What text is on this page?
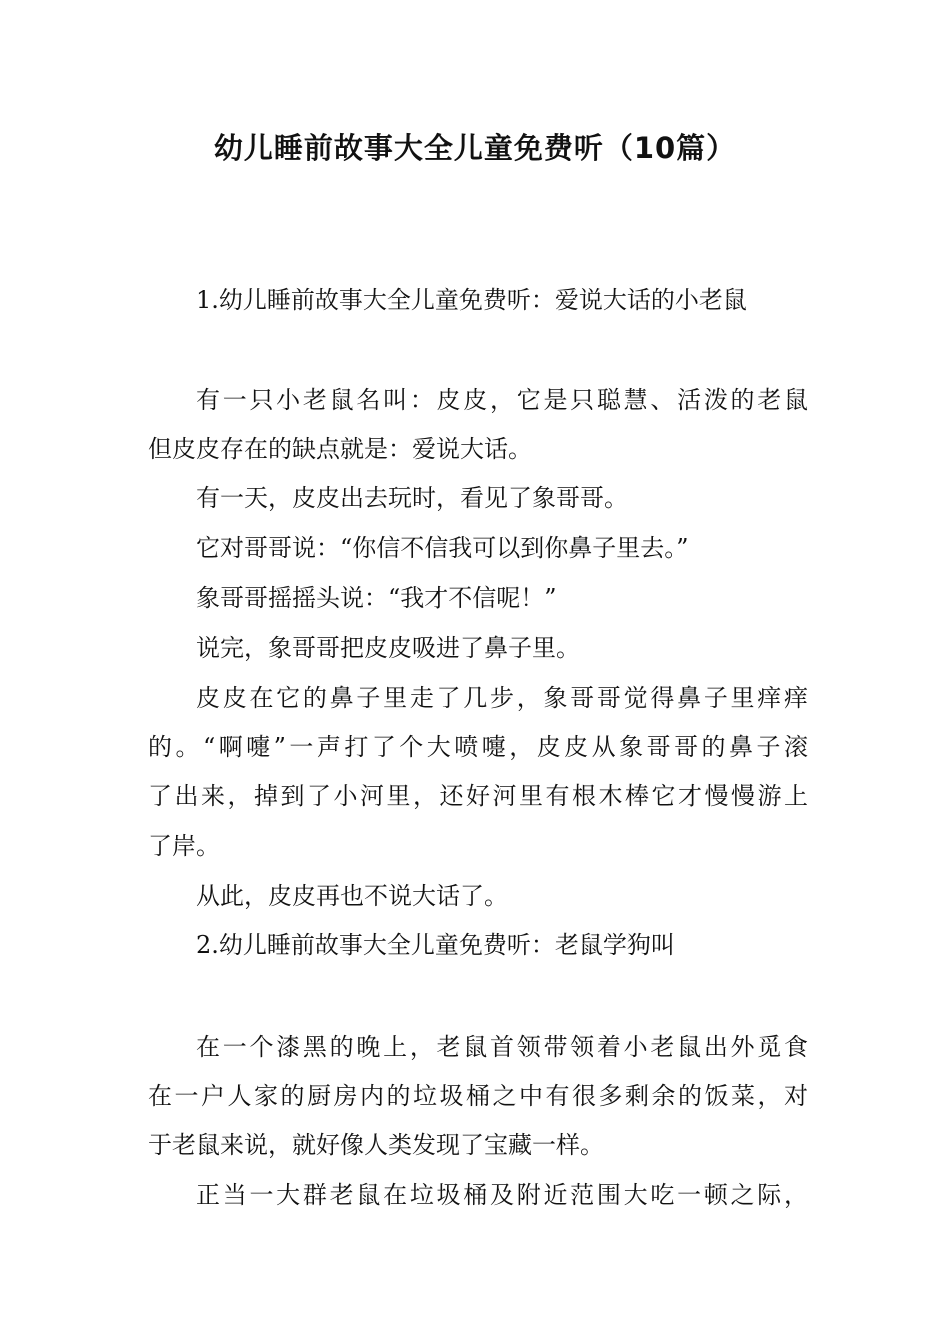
幼儿睡前故事大全儿童免费听（10篇）
1.幼儿睡前故事大全儿童免费听：爱说大话的小老鼠
有一只小老鼠名叫：皮皮，它是只聪慧、活泼的老鼠
但皮皮存在的缺点就是：爱说大话。
有一天，皮皮出去玩时，看见了象哥哥。
它对哥哥说：“你信不信我可以到你鼻子里去。”
象哥哥摇摇头说：“我才不信呢！”
说完，象哥哥把皮皮吸进了鼻子里。
皮皮在它的鼻子里走了几步，象哥哥觉得鼻子里痒痒
的。“啊嚏”一声打了个大喷嚏，皮皮从象哥哥的鼻子滚
了出来，掉到了小河里，还好河里有根木棒它才慢慢游上
了岸。
从此，皮皮再也不说大话了。
2.幼儿睡前故事大全儿童免费听：老鼠学狗叫
在一个漆黑的晚上，老鼠首领带领着小老鼠出外觅食
在一户人家的厨房内的垃圾桶之中有很多剩余的饭菜，对
于老鼠来说，就好像人类发现了宝藏一样。
正当一大群老鼠在垃圾桶及附近范围大吃一顿之际，
